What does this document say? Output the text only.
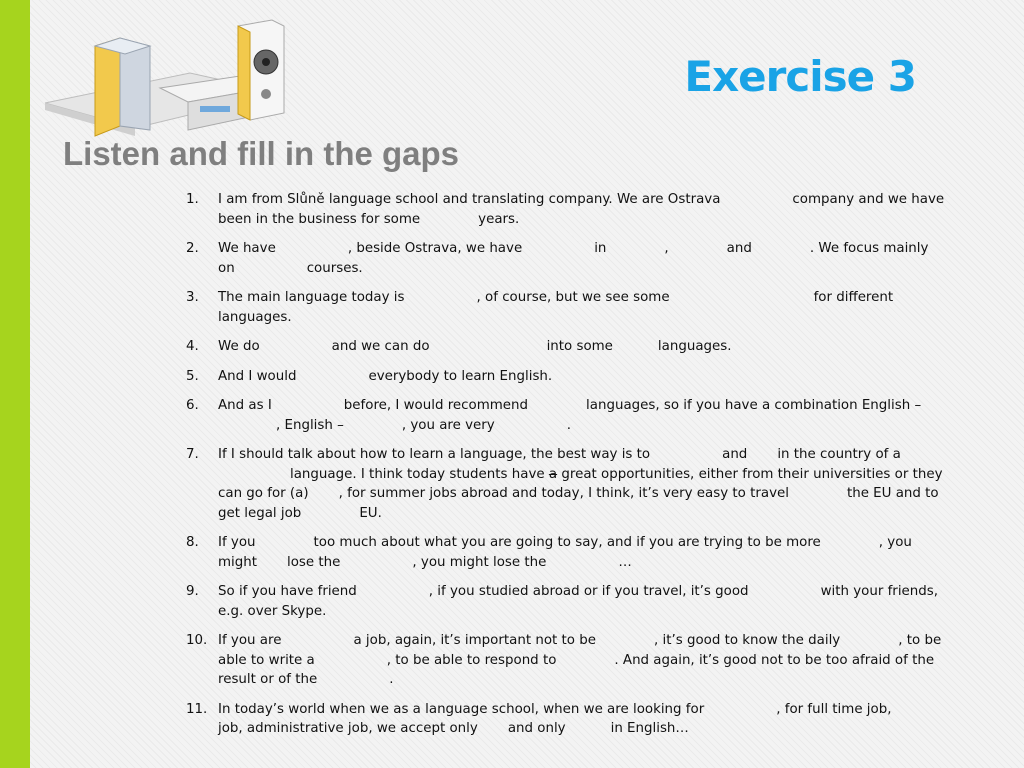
Exercise 3
Listen and fill in the gaps
1.	I am from Slůně language school and translating company. We are Ostrava	company and we have been in the business for some	years.
2.	We have	, beside Ostrava, we have	in	,	and	. We focus mainly on	courses.
3.	The main language today is	, of course, but we see some	for different languages.
4.	We do	and we can do	into some	languages.
5.	And I would	everybody to learn English.
6.	And as I	before, I would recommend	languages, so if you have a combination English –, English –	, you are very	.
7.	If I should talk about how to learn a language, the best way is to	and in the country of alanguage. I think today students have a great opportunities, either from their universities or they can go for (a) , for summer jobs abroad and today, I think, it’s very easy to travel	the EU and to get legal job	EU.
8.	If you	too much about what you are going to say, and if you are trying to be more	, you might lose the	, you might lose the	…
9.	So if you have friend	, if you studied abroad or if you travel, it’s good	with your friends, e.g. over Skype.
10. If you are	a job, again, it’s important not to be	, it’s good to know the daily	, to be able to write a	, to be able to respond to	. And again, it’s good not to be too afraid of the result or of the	.
11. In today’s world when we as a language school, when we are looking for	, for full time job,job, administrative job, we accept only and only	in English…
